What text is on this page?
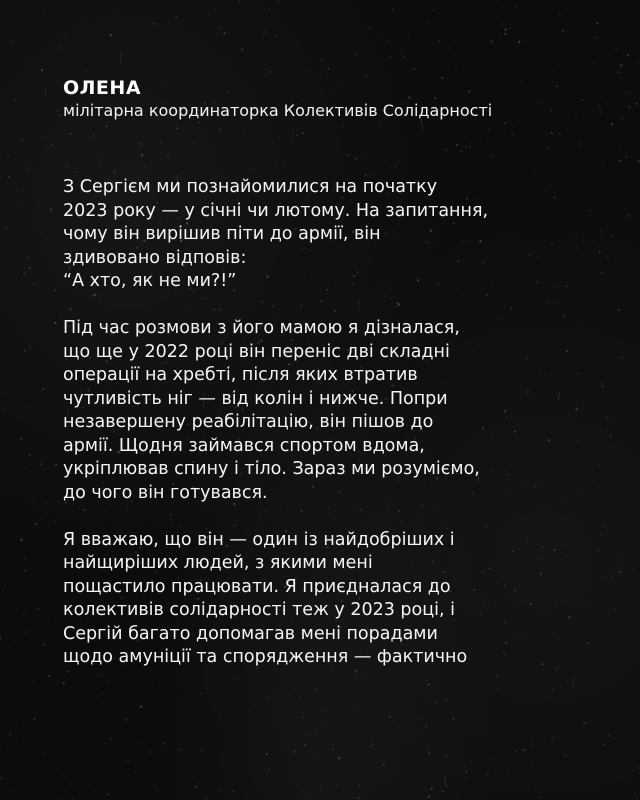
ОЛЕНА

мілітарна координаторка Колективів Солідарності

З Сергієм ми познайомилися на початку
2023 року — у січні чи лютому. На запитання,
чому він вирішив піти до армії, він
здивовано відповів:
“А хто, як не ми?!”

Під час розмови з його мамою я дізналася,
що ще у 2022 році він переніс дві складні
операції на хребті, після яких втратив
чутливість ніг — від колін і нижче. Попри
незавершену реабілітацію, він пішов до
армії. Щодня займався спортом вдома,
укріплював спину і тіло. Зараз ми розуміємо,
до чого він готувався.

Я вважаю, що він — один із найдобріших і
найщиріших людей, з якими мені
пощастило працювати. Я приєдналася до
колективів солідарності теж у 2023 році, і
Сергій багато допомагав мені порадами
щодо амуніції та спорядження — фактично
